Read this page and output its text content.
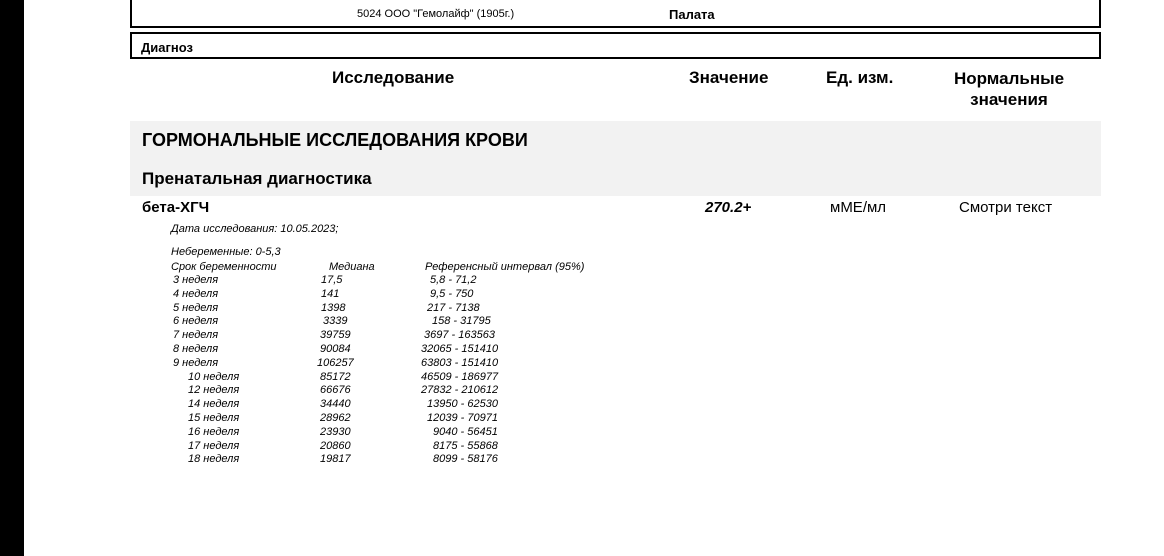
5024 ООО "Гемолайф" (1905г.)	Палата
Диагноз
Исследование	Значение	Ед. изм.	Нормальные
значения
ГОРМОНАЛЬНЫЕ ИССЛЕДОВАНИЯ КРОВИ
Пренатальная диагностика
бета-ХГЧ	270.2+	мМЕ/мл	Смотри текст
Дата исследования: 10.05.2023;
Небеременные: 0-5,3
Срок беременности	Медиана	Референсный интервал (95%)
3 неделя	17,5	5,8 - 71,2
4 неделя	141	9,5 - 750
5 неделя	1398	217 - 7138
6 неделя	3339	158 - 31795
7 неделя	39759	3697 - 163563
8 неделя	90084	32065 - 151410
9 неделя	106257	63803 - 151410
10 неделя	85172	46509 - 186977
12 неделя	66676	27832 - 210612
14 неделя	34440	13950 - 62530
15 неделя	28962	12039 - 70971
16 неделя	23930	9040 - 56451
17 неделя	20860	8175 - 55868
18 неделя	19817	8099 - 58176
